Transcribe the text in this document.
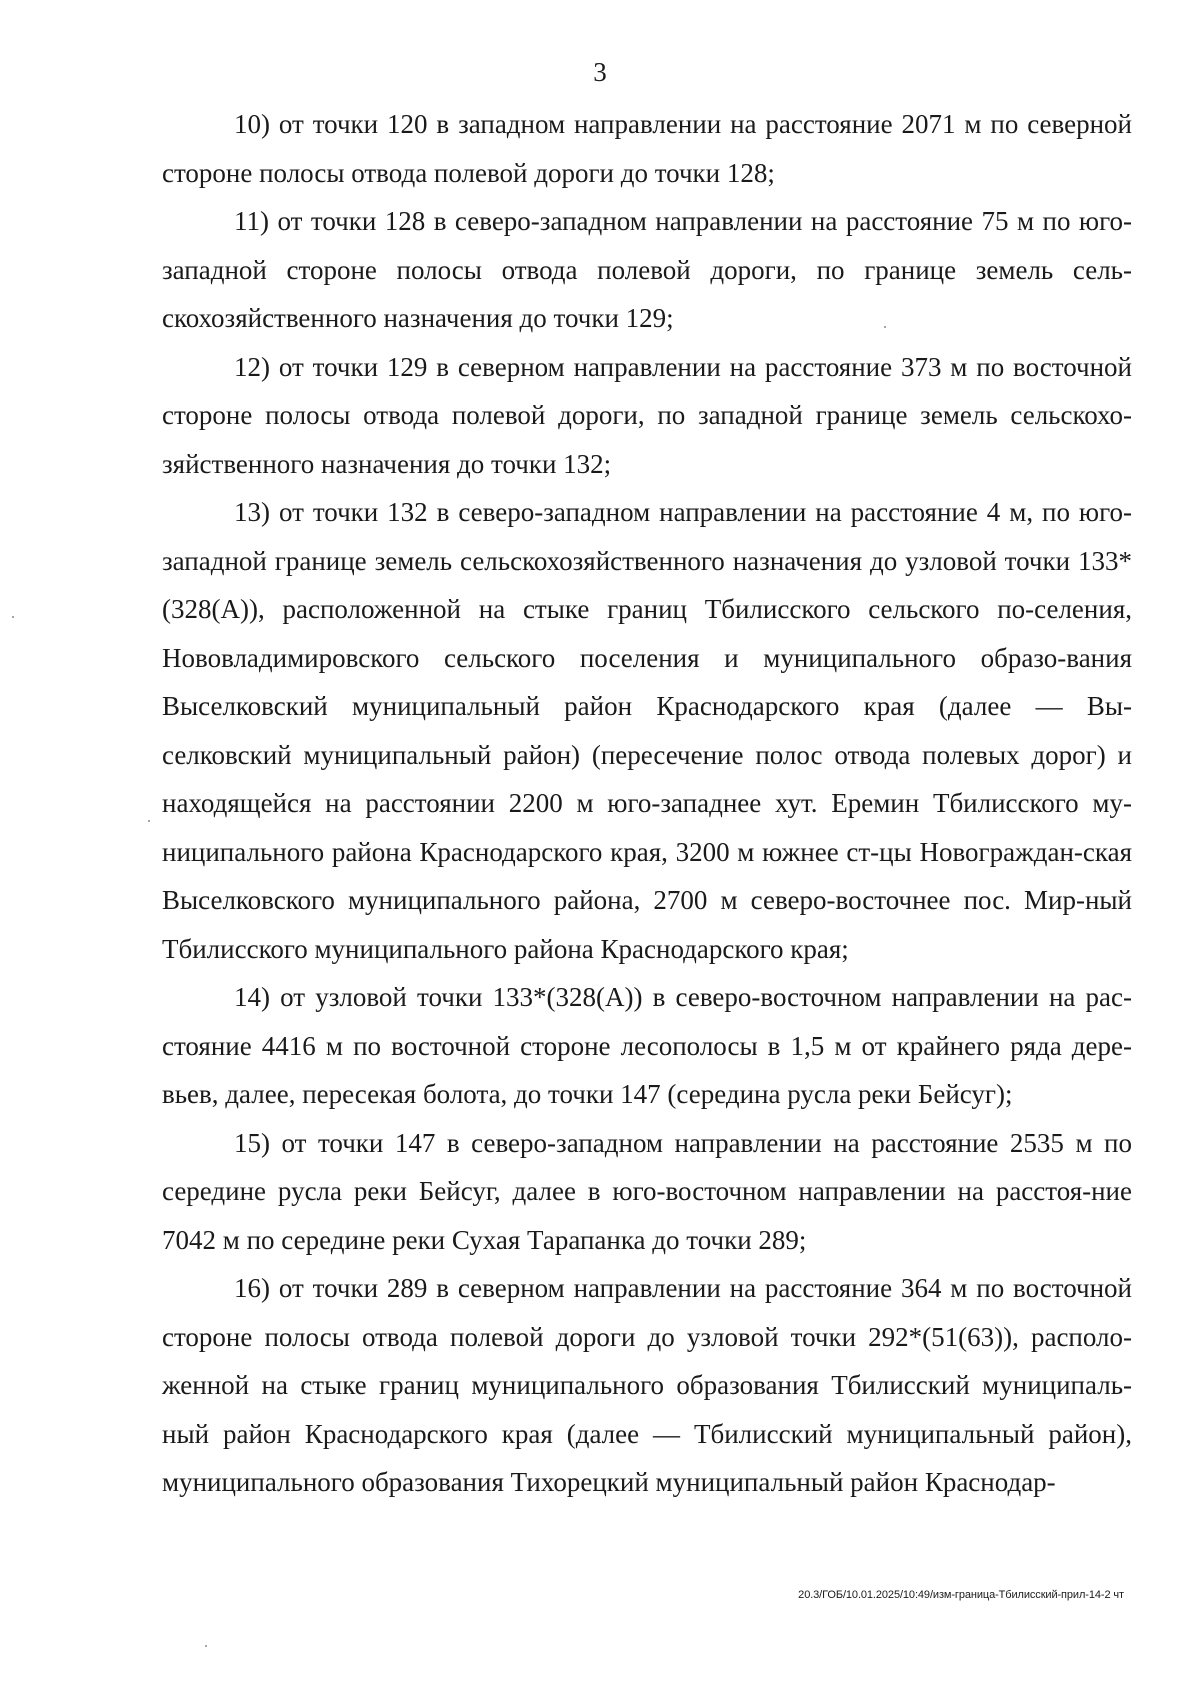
3

10) от точки 120 в западном направлении на расстояние 2071 м по северной стороне полосы отвода полевой дороги до точки 128;

11) от точки 128 в северо-западном направлении на расстояние 75 м по юго-западной стороне полосы отвода полевой дороги, по границе земель сель-скохозяйственного назначения до точки 129;

12) от точки 129 в северном направлении на расстояние 373 м по восточной стороне полосы отвода полевой дороги, по западной границе земель сельскохо-зяйственного назначения до точки 132;

13) от точки 132 в северо-западном направлении на расстояние 4 м, по юго-западной границе земель сельскохозяйственного назначения до узловой точки 133*(328(А)), расположенной на стыке границ Тбилисского сельского по-селения, Нововладимировского сельского поселения и муниципального образо-вания Выселковский муниципальный район Краснодарского края (далее — Вы-селковский муниципальный район) (пересечение полос отвода полевых дорог) и находящейся на расстоянии 2200 м юго-западнее хут. Еремин Тбилисского му-ниципального района Краснодарского края, 3200 м южнее ст-цы Новограждан-ская Выселковского муниципального района, 2700 м северо-восточнее пос. Мир-ный Тбилисского муниципального района Краснодарского края;

14) от узловой точки 133*(328(А)) в северо-восточном направлении на рас-стояние 4416 м по восточной стороне лесополосы в 1,5 м от крайнего ряда дере-вьев, далее, пересекая болота, до точки 147 (середина русла реки Бейсуг);

15) от точки 147 в северо-западном направлении на расстояние 2535 м по середине русла реки Бейсуг, далее в юго-восточном направлении на расстоя-ние 7042 м по середине реки Сухая Тарапанка до точки 289;

16) от точки 289 в северном направлении на расстояние 364 м по восточной стороне полосы отвода полевой дороги до узловой точки 292*(51(63)), располо-женной на стыке границ муниципального образования Тбилисский муниципаль-ный район Краснодарского края (далее — Тбилисский муниципальный район), муниципального образования Тихорецкий муниципальный район Краснодар-

20.3/ГОБ/10.01.2025/10:49/изм-граница-Тбилисский-прил-14-2 чт
